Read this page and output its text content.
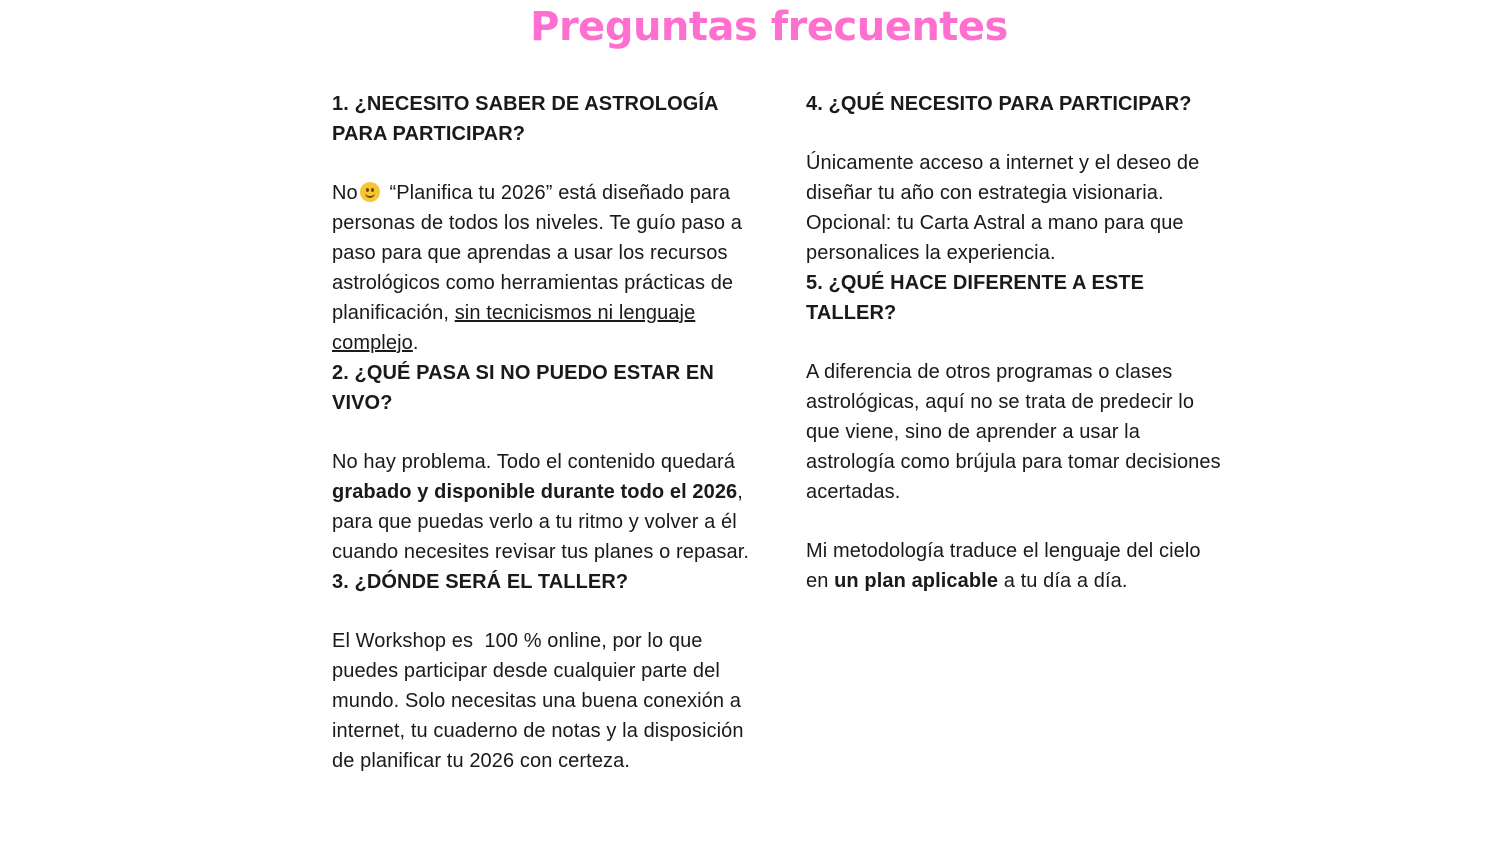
Preguntas frecuentes

1. ¿NECESITO SABER DE ASTROLOGÍA PARA PARTICIPAR?

No
“Planifica tu 2026” está diseñado para personas de todos los niveles. Te guío paso a paso para que aprendas a usar los recursos astrológicos como herramientas prácticas de planificación, sin tecnicismos ni lenguaje complejo.

2. ¿QUÉ PASA SI NO PUEDO ESTAR EN VIVO?

No hay problema. Todo el contenido quedará grabado y disponible durante todo el 2026, para que puedas verlo a tu ritmo y volver a él cuando necesites revisar tus planes o repasar.

3. ¿DÓNDE SERÁ EL TALLER?

El Workshop es  100 % online, por lo que puedes participar desde cualquier parte del mundo. Solo necesitas una buena conexión a internet, tu cuaderno de notas y la disposición de planificar tu 2026 con certeza.

4. ¿QUÉ NECESITO PARA PARTICIPAR?

Únicamente acceso a internet y el deseo de diseñar tu año con estrategia visionaria. Opcional: tu Carta Astral a mano para que personalices la experiencia.

5. ¿QUÉ HACE DIFERENTE A ESTE TALLER?

A diferencia de otros programas o clases astrológicas, aquí no se trata de predecir lo que viene, sino de aprender a usar la astrología como brújula para tomar decisiones acertadas.

Mi metodología traduce el lenguaje del cielo en un plan aplicable a tu día a día.
